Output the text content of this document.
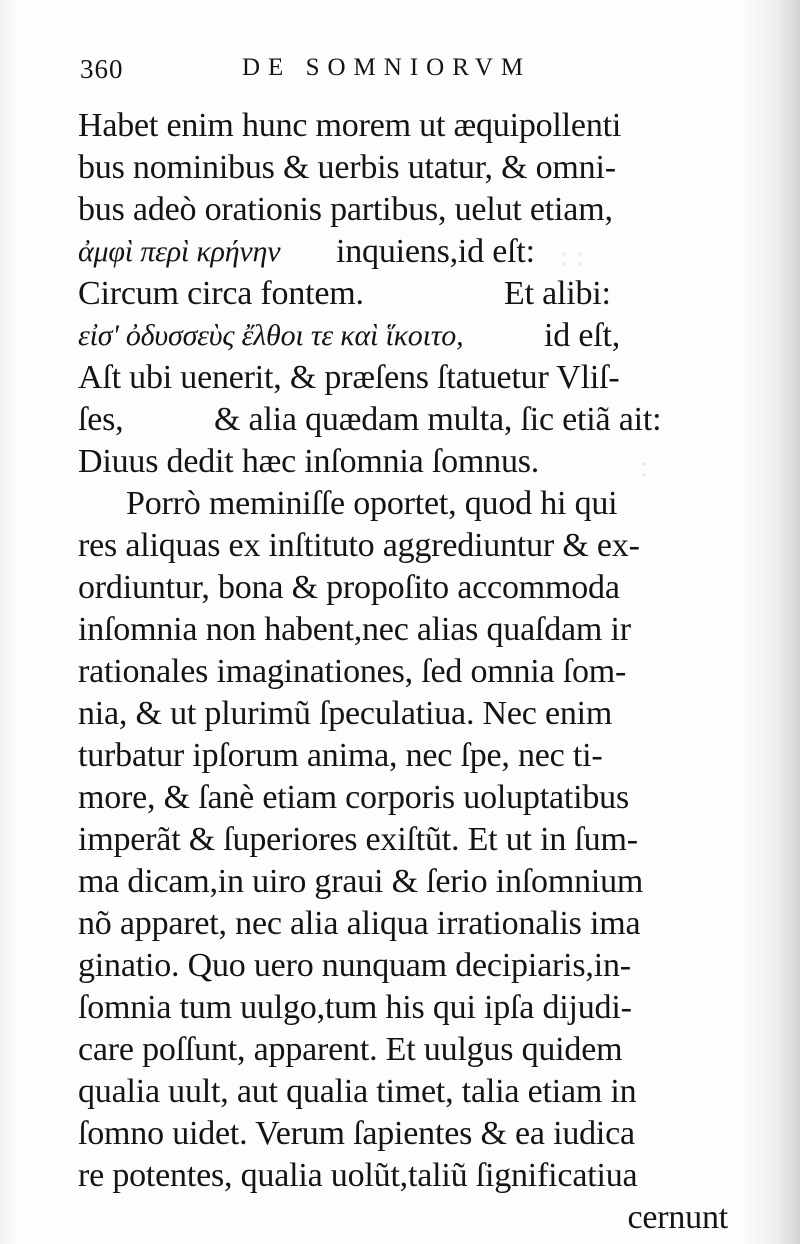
: :
:
360	DE SOMNIORVM
Habet enim hunc morem ut æquipollenti
bus nominibus & uerbis utatur, & omni-
bus adeò orationis partibus, uelut etiam,
ἀμφὶ περὶ κρήνην inquiens,id eſt:
Circum circa fontem.	Et alibi:
εἰσ' ὀδυσσεὺς ἔλθοι τε καὶ ἵκοιτο, id eſt,
Aſt ubi uenerit, & præſens ſtatuetur Vliſ-
ſes,	& alia quædam multa, ſic etiã ait:
Diuus dedit hæc inſomnia ſomnus.
Porrò meminiſſe oportet, quod hi qui
res aliquas ex inſtituto aggrediuntur & ex-
ordiuntur, bona & propoſito accommoda
inſomnia non habent,nec alias quaſdam ir
rationales imaginationes, ſed omnia ſom-
nia, & ut plurimũ ſpeculatiua. Nec enim
turbatur ipſorum anima, nec ſpe, nec ti-
more, & ſanè etiam corporis uoluptatibus
imperãt & ſuperiores exiſtũt. Et ut in ſum-
ma dicam,in uiro graui & ſerio inſomnium
nõ apparet, nec alia aliqua irrationalis ima
ginatio. Quo uero nunquam decipiaris,in-
ſomnia tum uulgo,tum his qui ipſa dijudi-
care poſſunt, apparent. Et uulgus quidem
qualia uult, aut qualia timet, talia etiam in
ſomno uidet. Verum ſapientes & ea iudica
re potentes, qualia uolũt,taliũ ſignificatiua
cernunt
